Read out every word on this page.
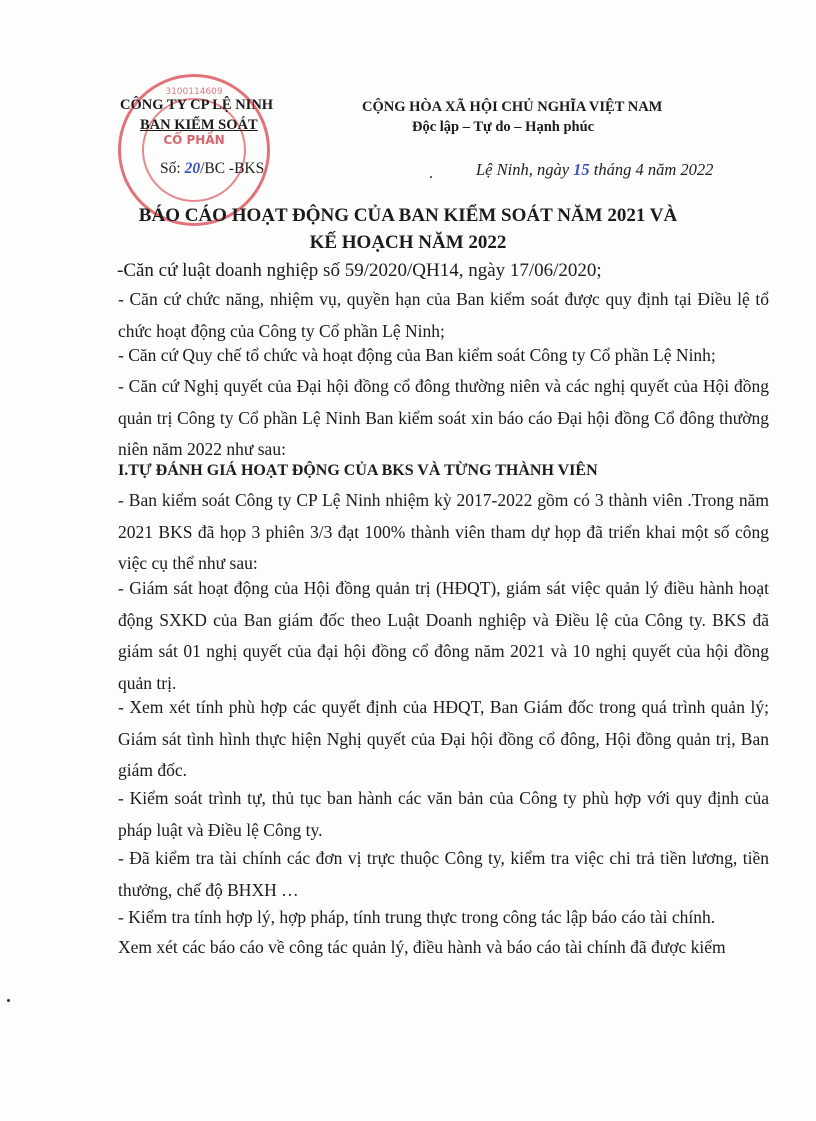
3100114609
CỔ PHẦN
CÔNG TY CP LỆ NINH
BAN KIỂM SOÁT
Số: 20/BC -BKS
CỘNG HÒA XÃ HỘI CHỦ NGHĨA VIỆT NAM
Độc lập – Tự do – Hạnh phúc
Lệ Ninh, ngày 15 tháng 4 năm 2022
BÁO CÁO HOẠT ĐỘNG CỦA BAN KIỂM SOÁT NĂM 2021 VÀ
KẾ HOẠCH NĂM 2022
-Căn cứ luật doanh nghiệp số 59/2020/QH14, ngày 17/06/2020;
- Căn cứ chức năng, nhiệm vụ, quyền hạn của Ban kiểm soát được quy định tại Điều lệ tổ chức hoạt động của Công ty Cổ phần Lệ Ninh;
- Căn cứ Quy chế tổ chức và hoạt động của Ban kiểm soát Công ty Cổ phần Lệ Ninh;
- Căn cứ Nghị quyết của Đại hội đồng cổ đông thường niên và các nghị quyết của Hội đồng quản trị Công ty Cổ phần Lệ Ninh Ban kiểm soát xin báo cáo Đại hội đồng Cổ đông thường niên năm 2022 như sau:
I.TỰ ĐÁNH GIÁ HOẠT ĐỘNG CỦA BKS VÀ TỪNG THÀNH VIÊN
- Ban kiểm soát Công ty CP Lệ Ninh nhiệm kỳ 2017-2022 gồm có 3 thành viên .Trong năm 2021 BKS đã họp 3 phiên 3/3 đạt 100% thành viên tham dự họp đã triển khai một số công việc cụ thể như sau:
- Giám sát hoạt động của Hội đồng quản trị (HĐQT), giám sát việc quản lý điều hành hoạt động SXKD của Ban giám đốc theo Luật Doanh nghiệp và Điều lệ của Công ty. BKS đã giám sát 01 nghị quyết của đại hội đồng cổ đông năm 2021 và 10 nghị quyết của hội đồng quản trị.
- Xem xét tính phù hợp các quyết định của HĐQT, Ban Giám đốc trong quá trình quản lý; Giám sát tình hình thực hiện Nghị quyết của Đại hội đồng cổ đông, Hội đồng quản trị, Ban giám đốc.
- Kiểm soát trình tự, thủ tục ban hành các văn bản của Công ty phù hợp với quy định của pháp luật và Điều lệ Công ty.
- Đã kiểm tra tài chính các đơn vị trực thuộc Công ty, kiểm tra việc chi trả tiền lương, tiền thưởng, chế độ BHXH …
- Kiểm tra tính hợp lý, hợp pháp, tính trung thực trong công tác lập báo cáo tài chính.
Xem xét các báo cáo về công tác quản lý, điều hành và báo cáo tài chính đã được kiểm
